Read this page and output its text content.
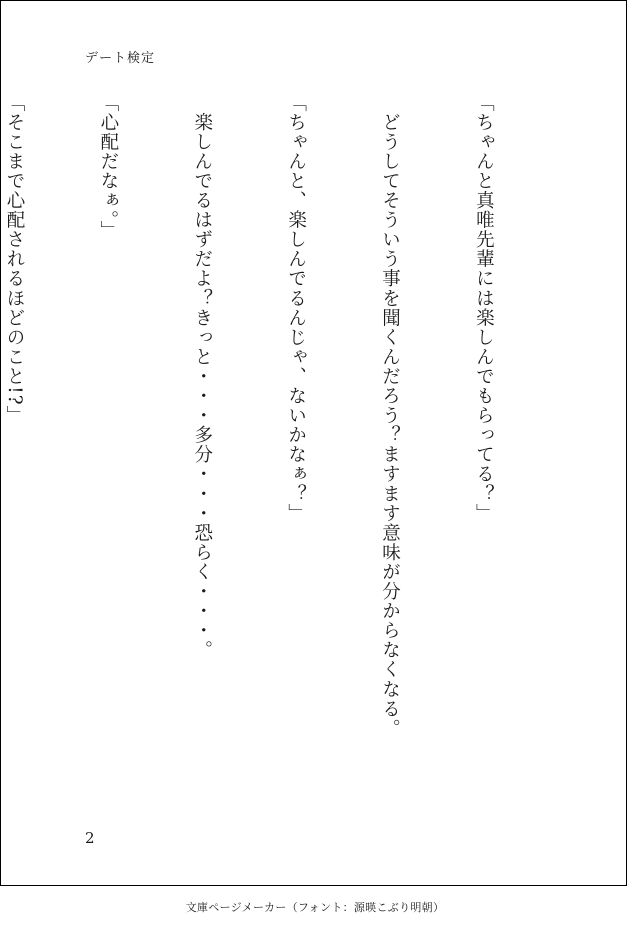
デート検定

「ちゃんと真唯先輩には楽しんでもらってる？」

　どうしてそういう事を聞くんだろう？ますます意味が分からなくなる。

「ちゃんと、楽しんでるんじゃ、ないかなぁ？」

　楽しんでるはずだよ？きっと・・・多分・・・恐らく・・・。

「心配だなぁ。」

「そこまで心配されるほどのこと!?」

2
文庫ページメーカー（フォント：源暎こぶり明朝）
